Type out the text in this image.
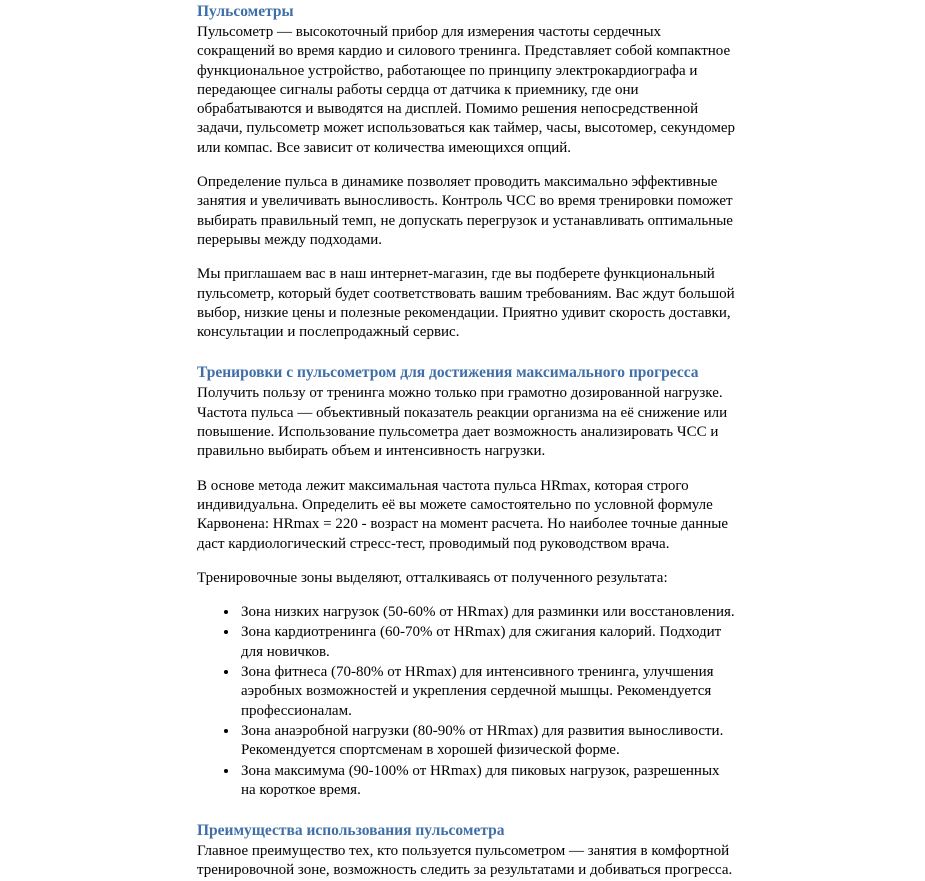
Пульсометры

Пульсометр — высокоточный прибор для измерения частоты сердечных сокращений во время кардио и силового тренинга. Представляет собой компактное функциональное устройство, работающее по принципу электрокардиографа и передающее сигналы работы сердца от датчика к приемнику, где они обрабатываются и выводятся на дисплей. Помимо решения непосредственной задачи, пульсометр может использоваться как таймер, часы, высотомер, секундомер или компас. Все зависит от количества имеющихся опций.

Определение пульса в динамике позволяет проводить максимально эффективные занятия и увеличивать выносливость. Контроль ЧСС во время тренировки поможет выбирать правильный темп, не допускать перегрузок и устанавливать оптимальные перерывы между подходами.

Мы приглашаем вас в наш интернет-магазин, где вы подберете функциональный пульсометр, который будет соответствовать вашим требованиям. Вас ждут большой выбор, низкие цены и полезные рекомендации. Приятно удивит скорость доставки, консультации и послепродажный сервис.

Тренировки с пульсометром для достижения максимального прогресса

Получить пользу от тренинга можно только при грамотно дозированной нагрузке. Частота пульса — объективный показатель реакции организма на её снижение или повышение. Использование пульсометра дает возможность анализировать ЧСС и правильно выбирать объем и интенсивность нагрузки.

В основе метода лежит максимальная частота пульса HRmax, которая строго индивидуальна. Определить её вы можете самостоятельно по условной формуле Карвонена: HRmax = 220 - возраст на момент расчета. Но наиболее точные данные даст кардиологический стресс-тест, проводимый под руководством врача.

Тренировочные зоны выделяют, отталкиваясь от полученного результата:

• Зона низких нагрузок (50-60% от HRmax) для разминки или восстановления.
• Зона кардиотренинга (60-70% от HRmax) для сжигания калорий. Подходит для новичков.
• Зона фитнеса (70-80% от HRmax) для интенсивного тренинга, улучшения аэробных возможностей и укрепления сердечной мышцы. Рекомендуется профессионалам.
• Зона анаэробной нагрузки (80-90% от HRmax) для развития выносливости. Рекомендуется спортсменам в хорошей физической форме.
• Зона максимума (90-100% от HRmax) для пиковых нагрузок, разрешенных на короткое время.
Преимущества использования пульсометра

Главное преимущество тех, кто пользуется пульсометром — занятия в комфортной тренировочной зоне, возможность следить за результатами и добиваться прогресса.
